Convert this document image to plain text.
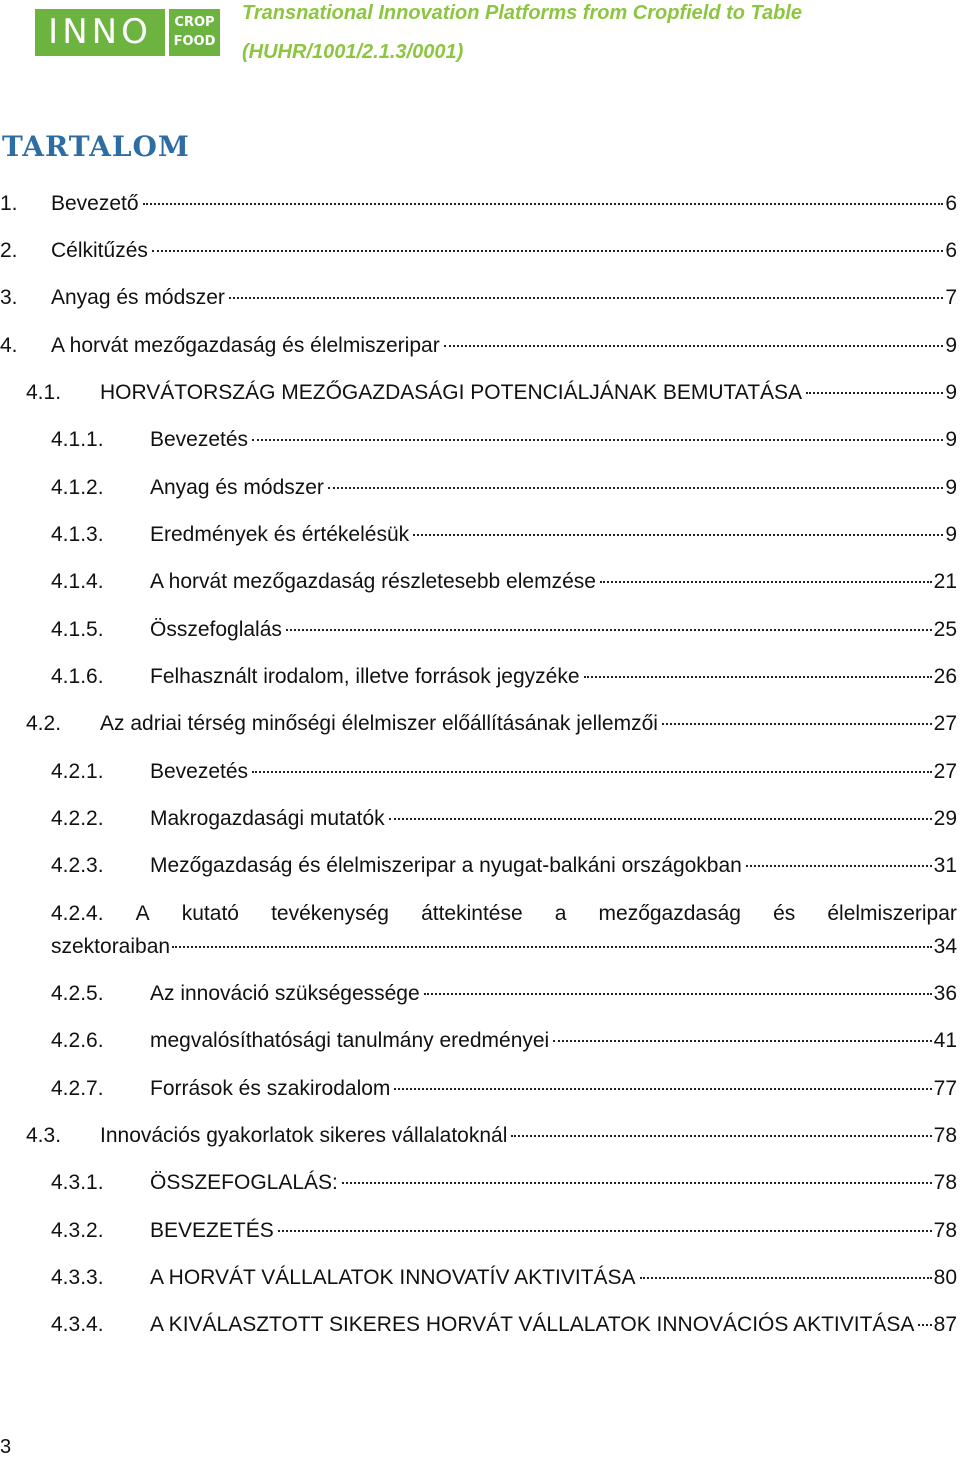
INNO	CROP
FOOD
Transnational Innovation Platforms from Cropfield to Table
(HUHR/1001/2.1.3/0001)
TARTALOM
1. Bevezető	6
2. Célkitűzés	6
3. Anyag és módszer	7
4. A horvát mezőgazdaság és élelmiszeripar	9
4.1. HORVÁTORSZÁG MEZŐGAZDASÁGI POTENCIÁLJÁNAK BEMUTATÁSA	9
4.1.1. Bevezetés	9
4.1.2. Anyag és módszer	9
4.1.3. Eredmények és értékelésük	9
4.1.4. A horvát mezőgazdaság részletesebb elemzése	21
4.1.5. Összefoglalás	25
4.1.6. Felhasznált irodalom, illetve források jegyzéke	26
4.2. Az adriai térség minőségi élelmiszer előállításának jellemzői	27
4.2.1. Bevezetés	27
4.2.2. Makrogazdasági mutatók	29
4.2.3. Mezőgazdaság és élelmiszeripar a nyugat-balkáni országokban	31
4.2.4. A kutató tevékenység áttekintése a mezőgazdaság és élelmiszeripar
szektoraiban	34
4.2.5. Az innováció szükségessége	36
4.2.6. megvalósíthatósági tanulmány eredményei	41
4.2.7. Források és szakirodalom	77
4.3. Innovációs gyakorlatok sikeres vállalatoknál	78
4.3.1. ÖSSZEFOGLALÁS:	78
4.3.2. BEVEZETÉS	78
4.3.3. A HORVÁT VÁLLALATOK INNOVATÍV AKTIVITÁSA	80
4.3.4. A KIVÁLASZTOTT SIKERES HORVÁT VÁLLALATOK INNOVÁCIÓS AKTIVITÁSA 87
3
